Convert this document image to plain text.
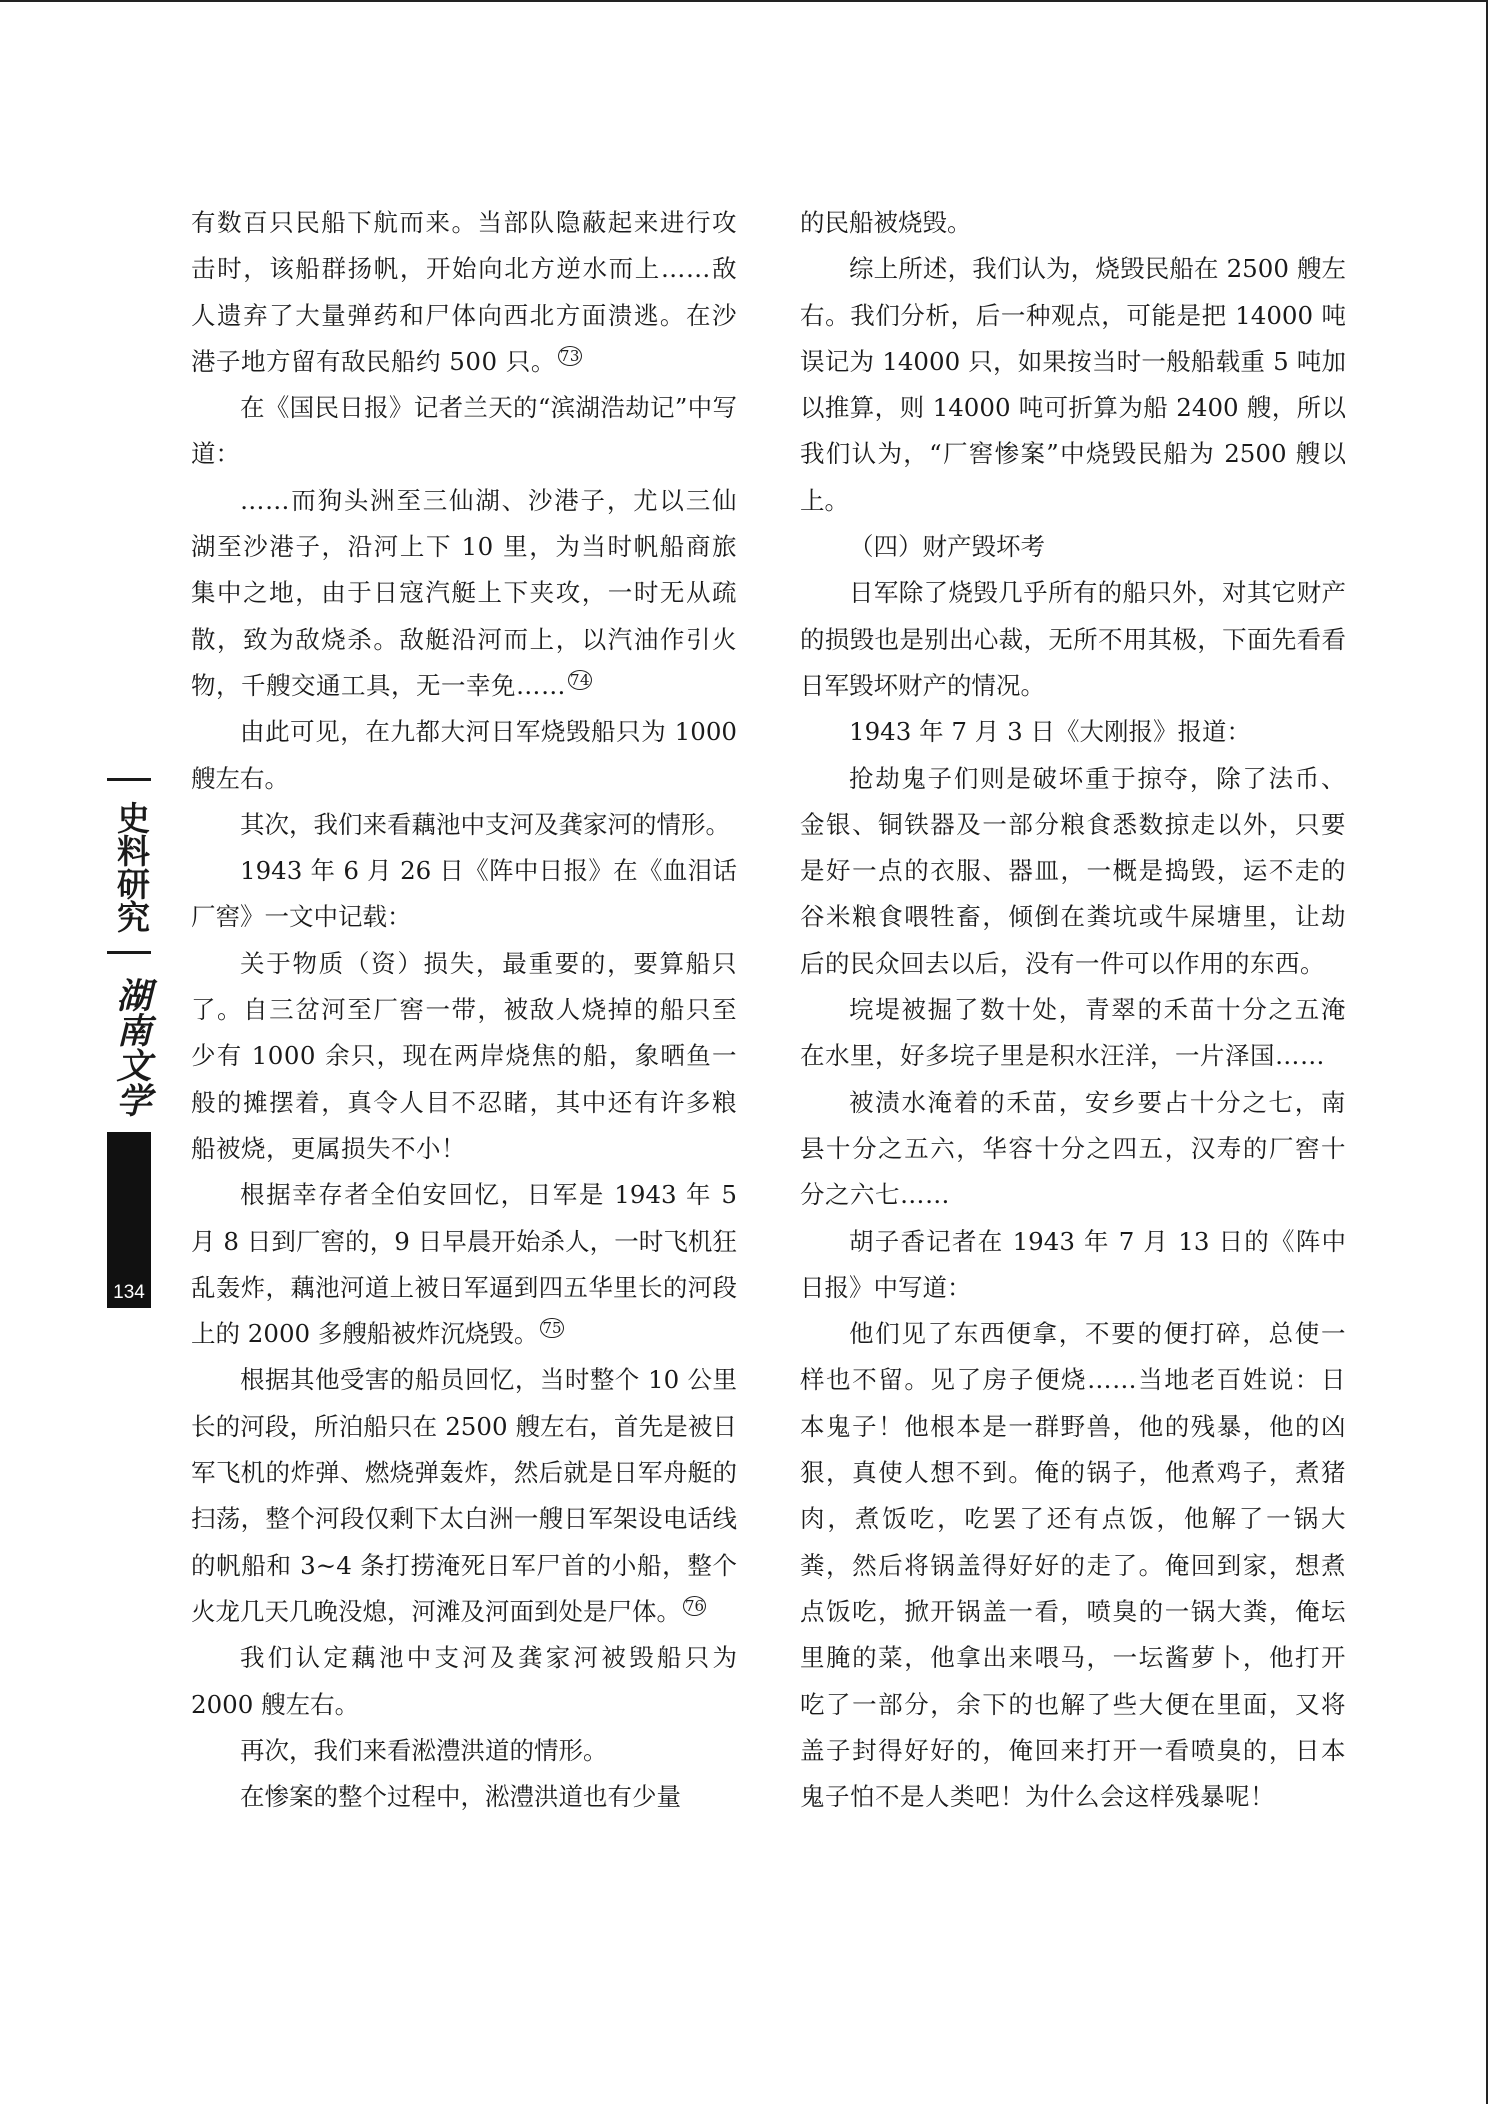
史料研究
湖南文学
134

有数百只民船下航而来。当部队隐蔽起来进行攻击时，该船群扬帆，开始向北方逆水而上……敌人遗弃了大量弹药和尸体向西北方面溃逃。在沙港子地方留有敌民船约 500 只。 $^{73}$

在《国民日报》记者兰天的“滨湖浩劫记”中写道：

……而狗头洲至三仙湖、沙港子，尤以三仙湖至沙港子，沿河上下 10 里，为当时帆船商旅集中之地，由于日寇汽艇上下夹攻，一时无从疏散，致为敌烧杀。敌艇沿河而上，以汽油作引火物，千艘交通工具，无一幸免…… $^{74}$

由此可见，在九都大河日军烧毁船只为 1000 艘左右。

其次，我们来看藕池中支河及龚家河的情形。

1943 年 6 月 26 日《阵中日报》在《血泪话厂窖》一文中记载：

关于物质（资）损失，最重要的，要算船只了。自三岔河至厂窖一带，被敌人烧掉的船只至少有 1000 余只，现在两岸烧焦的船，象晒鱼一般的摊摆着，真令人目不忍睹，其中还有许多粮船被烧，更属损失不小！

根据幸存者全伯安回忆，日军是 1943 年 5 月 8 日到厂窖的，9 日早晨开始杀人，一时飞机狂乱轰炸，藕池河道上被日军逼到四五华里长的河段上的 2000 多艘船被炸沉烧毁。 $^{75}$

根据其他受害的船员回忆，当时整个 10 公里长的河段，所泊船只在 2500 艘左右，首先是被日军飞机的炸弹、燃烧弹轰炸，然后就是日军舟艇的扫荡，整个河段仅剩下太白洲一艘日军架设电话线的帆船和 3~4 条打捞淹死日军尸首的小船，整个火龙几天几晚没熄，河滩及河面到处是尸体。 $^{76}$

我们认定藕池中支河及龚家河被毁船只为 2000 艘左右。

再次，我们来看淞澧洪道的情形。

在惨案的整个过程中，淞澧洪道也有少量

的民船被烧毁。

综上所述，我们认为，烧毁民船在 2500 艘左右。我们分析，后一种观点，可能是把 14000 吨误记为 14000 只，如果按当时一般船载重 5 吨加以推算，则 14000 吨可折算为船 2400 艘，所以我们认为，“厂窖惨案”中烧毁民船为 2500 艘以上。

（四）财产毁坏考

日军除了烧毁几乎所有的船只外，对其它财产的损毁也是别出心裁，无所不用其极，下面先看看日军毁坏财产的情况。

1943 年 7 月 3 日《大刚报》报道：

抢劫鬼子们则是破坏重于掠夺，除了法币、金银、铜铁器及一部分粮食悉数掠走以外，只要是好一点的衣服、器皿，一概是捣毁，运不走的谷米粮食喂牲畜，倾倒在粪坑或牛屎塘里，让劫后的民众回去以后，没有一件可以作用的东西。

垸堤被掘了数十处，青翠的禾苗十分之五淹在水里，好多垸子里是积水汪洋，一片泽国……

被渍水淹着的禾苗，安乡要占十分之七，南县十分之五六，华容十分之四五，汉寿的厂窖十分之六七……

胡子香记者在 1943 年 7 月 13 日的《阵中日报》中写道：

他们见了东西便拿，不要的便打碎，总使一样也不留。见了房子便烧……当地老百姓说：日本鬼子！他根本是一群野兽，他的残暴，他的凶狠，真使人想不到。俺的锅子，他煮鸡子，煮猪肉，煮饭吃，吃罢了还有点饭，他解了一锅大粪，然后将锅盖得好好的走了。俺回到家，想煮点饭吃，掀开锅盖一看，喷臭的一锅大粪，俺坛里腌的菜，他拿出来喂马，一坛酱萝卜，他打开吃了一部分，余下的也解了些大便在里面，又将盖子封得好好的，俺回来打开一看喷臭的，日本鬼子怕不是人类吧！为什么会这样残暴呢！
